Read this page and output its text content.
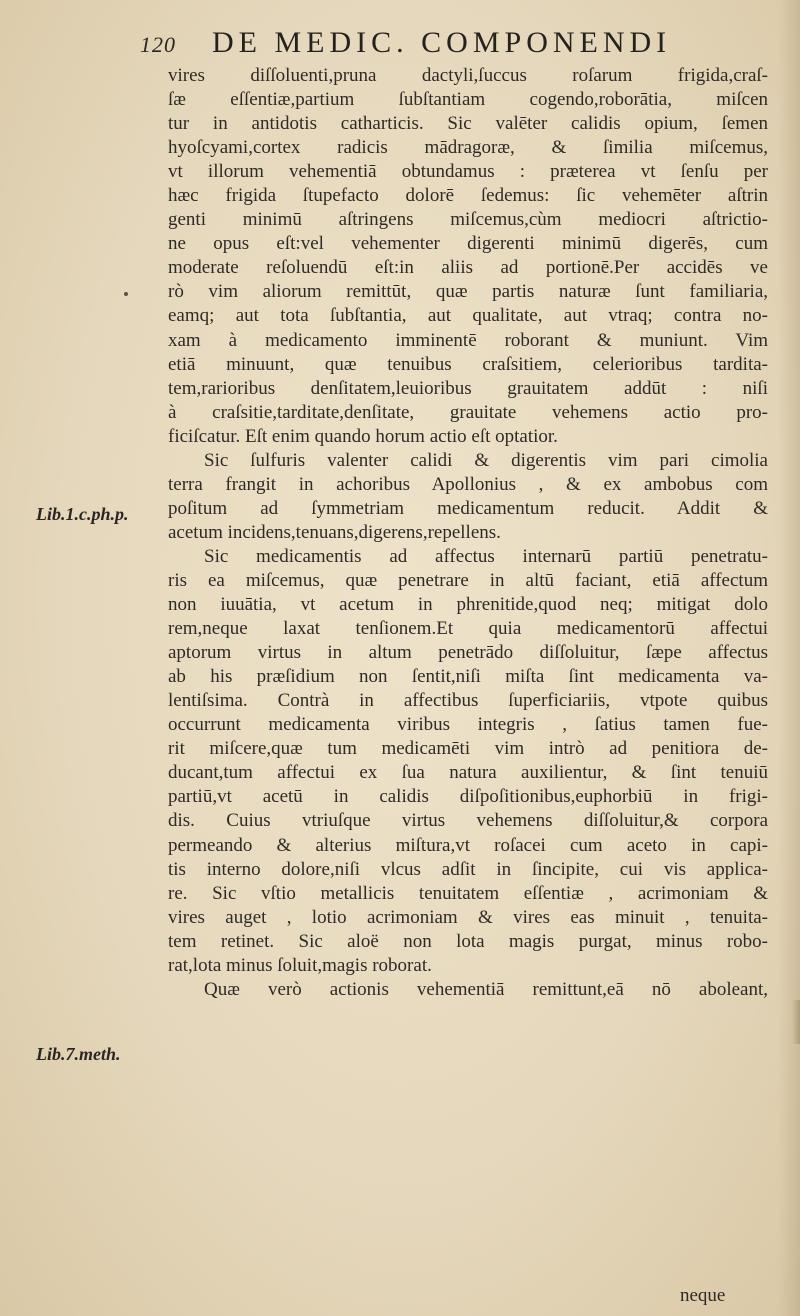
120 DE MEDIC. COMPONENDI
Lib.1.c.ph.p.
Lib.7.meth.
vires diſſoluenti,pruna dactyli,ſuccus roſarum frigida,craſ-
ſæ eſſentiæ,partium ſubſtantiam cogendo,roborātia, miſcen
tur in antidotis catharticis. Sic valēter calidis opium, ſemen
hyoſcyami,cortex radicis mādragoræ, & ſimilia miſcemus,
vt illorum vehementiā obtundamus : præterea vt ſenſu per
hæc frigida ſtupefacto dolorē ſedemus: ſic vehemēter aſtrin
genti minimū aſtringens miſcemus,cùm mediocri aſtrictio-
ne opus eſt:vel vehementer digerenti minimū digerēs, cum
moderate reſoluendū eſt:in aliis ad portionē.Per accidēs ve
rò vim aliorum remittūt, quæ partis naturæ ſunt familiaria,
eamq; aut tota ſubſtantia, aut qualitate, aut vtraq; contra no-
xam à medicamento imminentē roborant & muniunt. Vim
etiā minuunt, quæ tenuibus craſsitiem, celerioribus tardita-
tem,rarioribus denſitatem,leuioribus grauitatem addūt : niſi
à craſsitie,tarditate,denſitate, grauitate vehemens actio pro-
ficiſcatur. Eſt enim quando horum actio eſt optatior.
Sic ſulfuris valenter calidi & digerentis vim pari cimolia
terra frangit in achoribus Apollonius , & ex ambobus com
poſitum ad ſymmetriam medicamentum reducit. Addit &
acetum incidens,tenuans,digerens,repellens.
Sic medicamentis ad affectus internarū partiū penetratu-
ris ea miſcemus, quæ penetrare in altū faciant, etiā affectum
non iuuātia, vt acetum in phrenitide,quod neq; mitigat dolo
rem,neque laxat tenſionem.Et quia medicamentorū affectui
aptorum virtus in altum penetrādo diſſoluitur, ſæpe affectus
ab his præſidium non ſentit,niſi miſta ſint medicamenta va-
lentiſsima. Contrà in affectibus ſuperficiariis, vtpote quibus
occurrunt medicamenta viribus integris , ſatius tamen fue-
rit miſcere,quæ tum medicamēti vim intrò ad penitiora de-
ducant,tum affectui ex ſua natura auxilientur, & ſint tenuiū
partiū,vt acetū in calidis diſpoſitionibus,euphorbiū in frigi-
dis. Cuius vtriuſque virtus vehemens diſſoluitur,& corpora
permeando & alterius miſtura,vt roſacei cum aceto in capi-
tis interno dolore,niſi vlcus adſit in ſincipite, cui vis applica-
re. Sic vſtio metallicis tenuitatem eſſentiæ , acrimoniam &
vires auget , lotio acrimoniam & vires eas minuit , tenuita-
tem retinet. Sic aloë non lota magis purgat, minus robo-
rat,lota minus ſoluit,magis roborat.
Quæ verò actionis vehementiā remittunt,eā nō aboleant,
neque
